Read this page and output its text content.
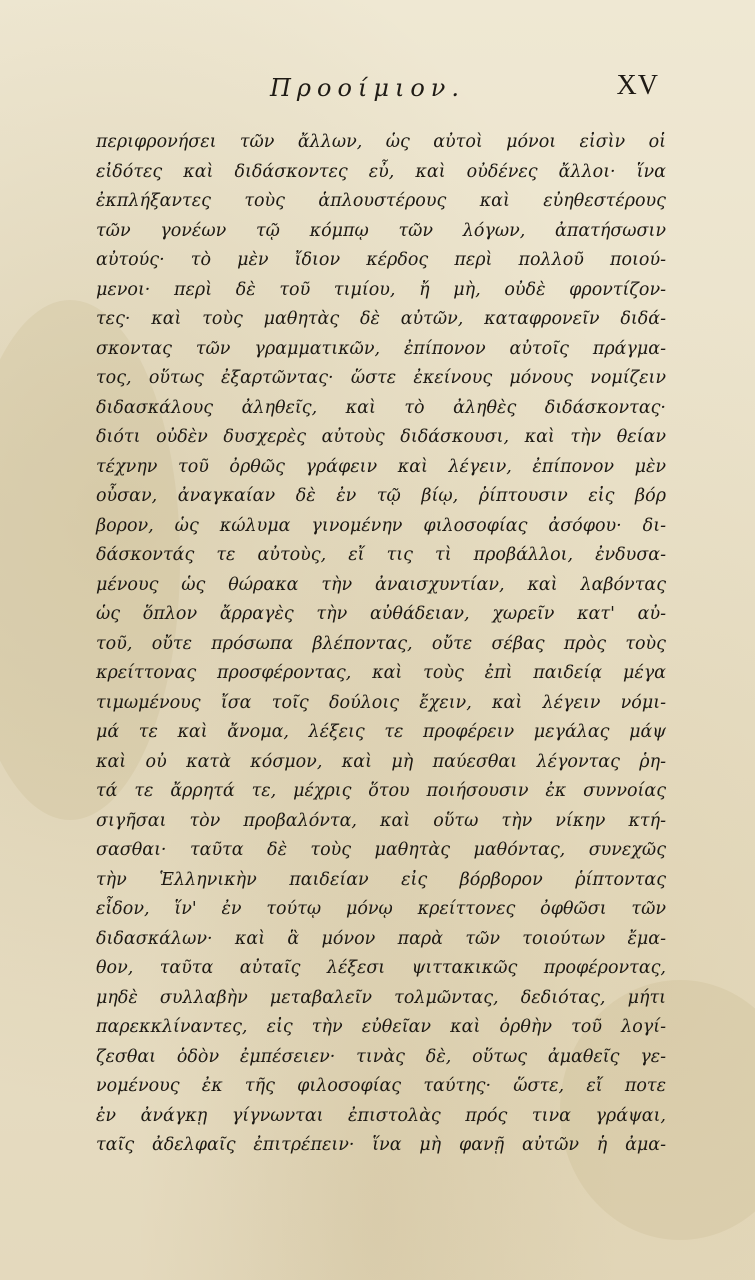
Προοίμιον.	XV
περιφρονήσει τῶν ἄλλων, ὡς αὐτοὶ μόνοι εἰσὶν οἱ
εἰδότες καὶ διδάσκοντες εὖ, καὶ οὐδένες ἄλλοι· ἵνα
ἐκπλήξαντες τοὺς ἁπλουστέρους καὶ εὐηθεστέρους
τῶν γονέων τῷ κόμπῳ τῶν λόγων, ἀπατήσωσιν
αὐτούς· τὸ μὲν ἴδιον κέρδος περὶ πολλοῦ ποιού-
μενοι· περὶ δὲ τοῦ τιμίου, ἤ μὴ, οὐδὲ φροντίζον-
τες· καὶ τοὺς μαθητὰς δὲ αὐτῶν, καταφρονεῖν διδά-
σκοντας τῶν γραμματικῶν, ἐπίπονον αὐτοῖς πράγμα-
τος, οὕτως ἐξαρτῶντας· ὥστε ἐκείνους μόνους νομίζειν
διδασκάλους ἀληθεῖς, καὶ τὸ ἀληθὲς διδάσκοντας·
διότι οὐδὲν δυσχερὲς αὐτοὺς διδάσκουσι, καὶ τὴν θείαν
τέχνην τοῦ ὀρθῶς γράφειν καὶ λέγειν, ἐπίπονον μὲν
οὖσαν, ἀναγκαίαν δὲ ἐν τῷ βίῳ, ῥίπτουσιν εἰς βόρ
βορον, ὡς κώλυμα γινομένην φιλοσοφίας ἀσόφου· δι-
δάσκοντάς τε αὐτοὺς, εἴ τις τὶ προβάλλοι, ἐνδυσα-
μένους ὡς θώρακα τὴν ἀναισχυντίαν, καὶ λαβόντας
ὡς ὅπλον ἄρραγὲς τὴν αὐθάδειαν, χωρεῖν κατ' αὐ-
τοῦ, οὔτε πρόσωπα βλέποντας, οὔτε σέβας πρὸς τοὺς
κρείττονας προσφέροντας, καὶ τοὺς ἐπὶ παιδείᾳ μέγα
τιμωμένους ἴσα τοῖς δούλοις ἔχειν, καὶ λέγειν νόμι-
μά τε καὶ ἄνομα, λέξεις τε προφέρειν μεγάλας μάψ
καὶ οὐ κατὰ κόσμον, καὶ μὴ παύεσθαι λέγοντας ῥη-
τά τε ἄρρητά τε, μέχρις ὅτου ποιήσουσιν ἐκ συννοίας
σιγῆσαι τὸν προβαλόντα, καὶ οὕτω τὴν νίκην κτή-
σασθαι· ταῦτα δὲ τοὺς μαθητὰς μαθόντας, συνεχῶς
τὴν Ἑλληνικὴν παιδείαν εἰς βόρβορον ῥίπτοντας
εἶδον, ἵν' ἐν τούτῳ μόνῳ κρείττονες ὀφθῶσι τῶν
διδασκάλων· καὶ ἃ μόνον παρὰ τῶν τοιούτων ἔμα-
θον, ταῦτα αὐταῖς λέξεσι ψιττακικῶς προφέροντας,
μηδὲ συλλαβὴν μεταβαλεῖν τολμῶντας, δεδιότας, μήτι
παρεκκλίναντες, εἰς τὴν εὐθεῖαν καὶ ὀρθὴν τοῦ λογί-
ζεσθαι ὁδὸν ἐμπέσειεν· τινὰς δὲ, οὕτως ἀμαθεῖς γε-
νομένους ἐκ τῆς φιλοσοφίας ταύτης· ὥστε, εἴ ποτε
ἐν ἀνάγκῃ γίγνωνται ἐπιστολὰς πρός τινα γράψαι,
ταῖς ἀδελφαῖς ἐπιτρέπειν· ἵνα μὴ φανῇ αὐτῶν ἡ ἀμα-
